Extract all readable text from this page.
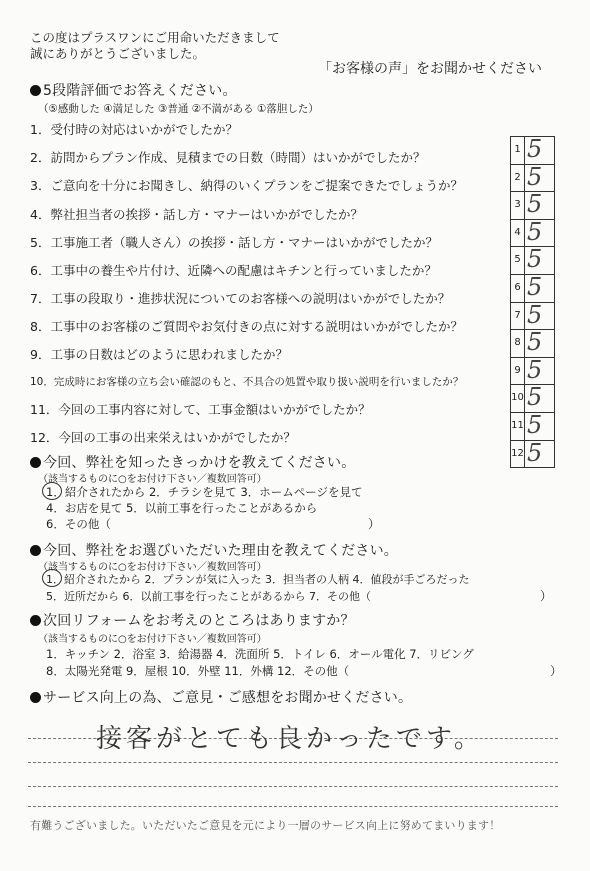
この度はプラスワンにご用命いただきまして
誠にありがとうございました。
「お客様の声」をお聞かせください
5段階評価でお答えください。
（⑤感動した ④満足した ③普通 ②不満がある ①落胆した）
1．受付時の対応はいかがでしたか？
2．訪問からプラン作成、見積までの日数（時間）はいかがでしたか？
3．ご意向を十分にお聞きし、納得のいくプランをご提案できたでしょうか？
4．弊社担当者の挨拶・話し方・マナーはいかがでしたか？
5．工事施工者（職人さん）の挨拶・話し方・マナーはいかがでしたか？
6．工事中の養生や片付け、近隣への配慮はキチンと行っていましたか？
7．工事の段取り・進捗状況についてのお客様への説明はいかがでしたか？
8．工事中のお客様のご質問やお気付きの点に対する説明はいかがでしたか？
9．工事の日数はどのように思われましたか？
10．完成時にお客様の立ち会い確認のもと、不具合の処置や取り扱い説明を行いましたか？
11．今回の工事内容に対して、工事金額はいかがでしたか？
12．今回の工事の出来栄えはいかがでしたか？
1 5
2 5
3 5
4 5
5 5
6 5
7 5
8 5
9 5
10 5
11 5
12 5
今回、弊社を知ったきっかけを教えてください。
（該当するものに○をお付け下さい／複数回答可）
1．紹介されたから 2．チラシを見て 3．ホームページを見て
4．お店を見て 5．以前工事を行ったことがあるから
6．その他（	）
今回、弊社をお選びいただいた理由を教えてください。
（該当するものに○をお付け下さい／複数回答可）
1．紹介されたから 2．プランが気に入った 3．担当者の人柄 4．値段が手ごろだった
5．近所だから 6．以前工事を行ったことがあるから 7．その他（	）
次回リフォームをお考えのところはありますか？
（該当するものに○をお付け下さい／複数回答可）
1．キッチン 2．浴室 3．給湯器 4．洗面所 5．トイレ 6．オール電化 7．リビング
8．太陽光発電 9．屋根 10．外壁 11．外構 12．その他（	）
サービス向上の為、ご意見・ご感想をお聞かせください。
接客がとても良かったです。
有難うございました。いただいたご意見を元により一層のサービス向上に努めてまいります！
